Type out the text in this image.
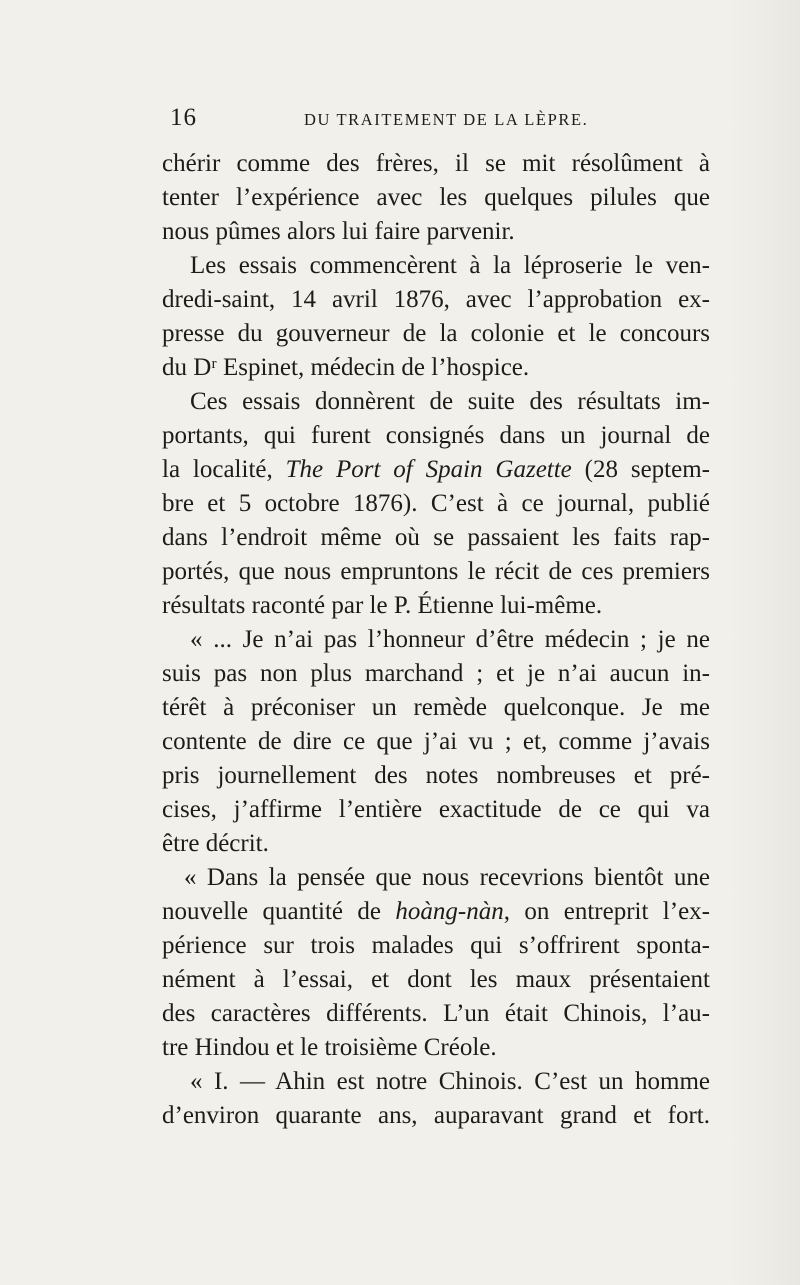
16	DU TRAITEMENT DE LA LÈPRE.
chérir comme des frères, il se mit résolûment à
tenter l’expérience avec les quelques pilules que
nous pûmes alors lui faire parvenir.
Les essais commencèrent à la léproserie le ven-
dredi-saint, 14 avril 1876, avec l’approbation ex-
presse du gouverneur de la colonie et le concours
du Dʳ Espinet, médecin de l’hospice.
Ces essais donnèrent de suite des résultats im-
portants, qui furent consignés dans un journal de
la localité, The Port of Spain Gazette (28 septem-
bre et 5 octobre 1876). C’est à ce journal, publié
dans l’endroit même où se passaient les faits rap-
portés, que nous empruntons le récit de ces premiers
résultats raconté par le P. Étienne lui-même.
« ... Je n’ai pas l’honneur d’être médecin ; je ne
suis pas non plus marchand ; et je n’ai aucun in-
térêt à préconiser un remède quelconque. Je me
contente de dire ce que j’ai vu ; et, comme j’avais
pris journellement des notes nombreuses et pré-
cises, j’affirme l’entière exactitude de ce qui va
être décrit.
« Dans la pensée que nous recevrions bientôt une
nouvelle quantité de hoàng-nàn, on entreprit l’ex-
périence sur trois malades qui s’offrirent sponta-
nément à l’essai, et dont les maux présentaient
des caractères différents. L’un était Chinois, l’au-
tre Hindou et le troisième Créole.
« I. — Ahin est notre Chinois. C’est un homme
d’environ quarante ans, auparavant grand et fort.
